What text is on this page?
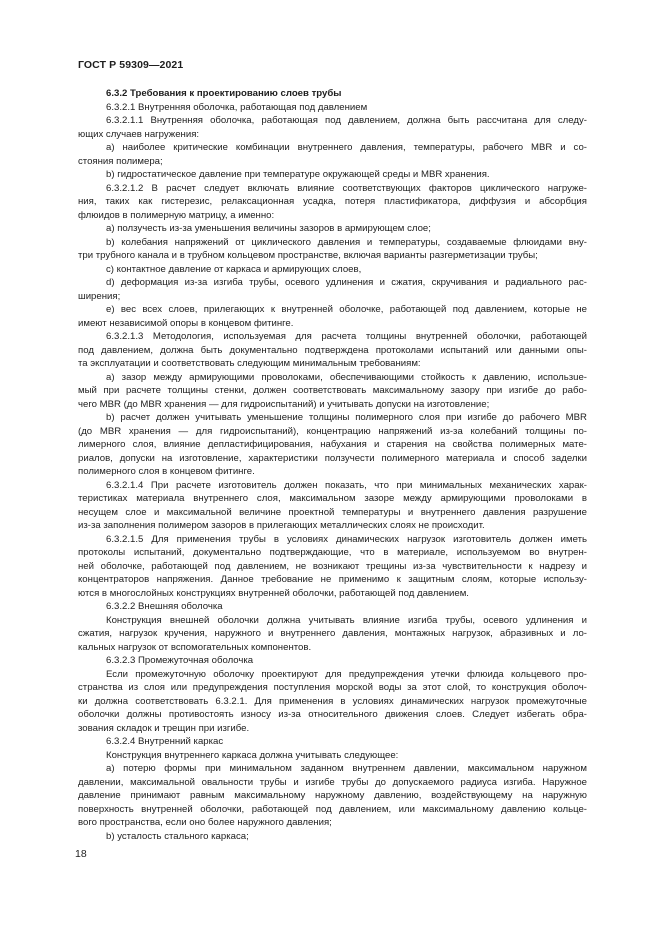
ГОСТ Р 59309—2021
6.3.2 Требования к проектированию слоев трубы
6.3.2.1 Внутренняя оболочка, работающая под давлением
6.3.2.1.1 Внутренняя оболочка, работающая под давлением, должна быть рассчитана для следу-
ющих случаев нагружения:
а) наиболее критические комбинации внутреннего давления, температуры, рабочего MBR и со-
стояния полимера;
b) гидростатическое давление при температуре окружающей среды и MBR хранения.
6.3.2.1.2 В расчет следует включать влияние соответствующих факторов циклического нагруже-
ния, таких как гистерезис, релаксационная усадка, потеря пластификатора, диффузия и абсорбция
флюидов в полимерную матрицу, а именно:
а) ползучесть из-за уменьшения величины зазоров в армирующем слое;
b) колебания напряжений от циклического давления и температуры, создаваемые флюидами вну-
три трубного канала и в трубном кольцевом пространстве, включая варианты разгерметизации трубы;
c) контактное давление от каркаса и армирующих слоев,
d) деформация из-за изгиба трубы, осевого удлинения и сжатия, скручивания и радиального рас-
ширения;
e) вес всех слоев, прилегающих к внутренней оболочке, работающей под давлением, которые не
имеют независимой опоры в концевом фитинге.
6.3.2.1.3 Методология, используемая для расчета толщины внутренней оболочки, работающей
под давлением, должна быть документально подтверждена протоколами испытаний или данными опы-
та эксплуатации и соответствовать следующим минимальным требованиям:
а) зазор между армирующими проволоками, обеспечивающими стойкость к давлению, использue-
мый при расчете толщины стенки, должен соответствовать максимальному зазору при изгибе до рабо-
чего MBR (до MBR хранения — для гидроиспытаний) и учитывать допуски на изготовление;
b) расчет должен учитывать уменьшение толщины полимерного слоя при изгибе до рабочего MBR
(до MBR хранения — для гидроиспытаний), концентрацию напряжений из-за колебаний толщины по-
лимерного слоя, влияние депластифицирования, набухания и старения на свойства полимерных мате-
риалов, допуски на изготовление, характеристики ползучести полимерного материала и способ заделки
полимерного слоя в концевом фитинге.
6.3.2.1.4 При расчете изготовитель должен показать, что при минимальных механических харак-
теристиках материала внутреннего слоя, максимальном зазоре между армирующими проволоками в
несущем слое и максимальной величине проектной температуры и внутреннего давления разрушение
из-за заполнения полимером зазоров в прилегающих металлических слоях не происходит.
6.3.2.1.5 Для применения трубы в условиях динамических нагрузок изготовитель должен иметь
протоколы испытаний, документально подтверждающие, что в материале, используемом во внутрен-
ней оболочке, работающей под давлением, не возникают трещины из-за чувствительности к надрезу и
концентраторов напряжения. Данное требование не применимо к защитным слоям, которые использу-
ются в многослойных конструкциях внутренней оболочки, работающей под давлением.
6.3.2.2 Внешняя оболочка
Конструкция внешней оболочки должна учитывать влияние изгиба трубы, осевого удлинения и
сжатия, нагрузок кручения, наружного и внутреннего давления, монтажных нагрузок, абразивных и ло-
кальных нагрузок от вспомогательных компонентов.
6.3.2.3 Промежуточная оболочка
Если промежуточную оболочку проектируют для предупреждения утечки флюида кольцевого про-
странства из слоя или предупреждения поступления морской воды за этот слой, то конструкция оболоч-
ки должна соответствовать 6.3.2.1. Для применения в условиях динамических нагрузок промежуточные
оболочки должны противостоять износу из-за относительного движения слоев. Следует избегать обра-
зования складок и трещин при изгибе.
6.3.2.4 Внутренний каркас
Конструкция внутреннего каркаса должна учитывать следующее:
а) потерю формы при минимальном заданном внутреннем давлении, максимальном наружном
давлении, максимальной овальности трубы и изгибе трубы до допускаемого радиуса изгиба. Наружное
давление принимают равным максимальному наружному давлению, воздействующему на наружную
поверхность внутренней оболочки, работающей под давлением, или максимальному давлению кольце-
вого пространства, если оно более наружного давления;
b) усталость стального каркаса;
18
